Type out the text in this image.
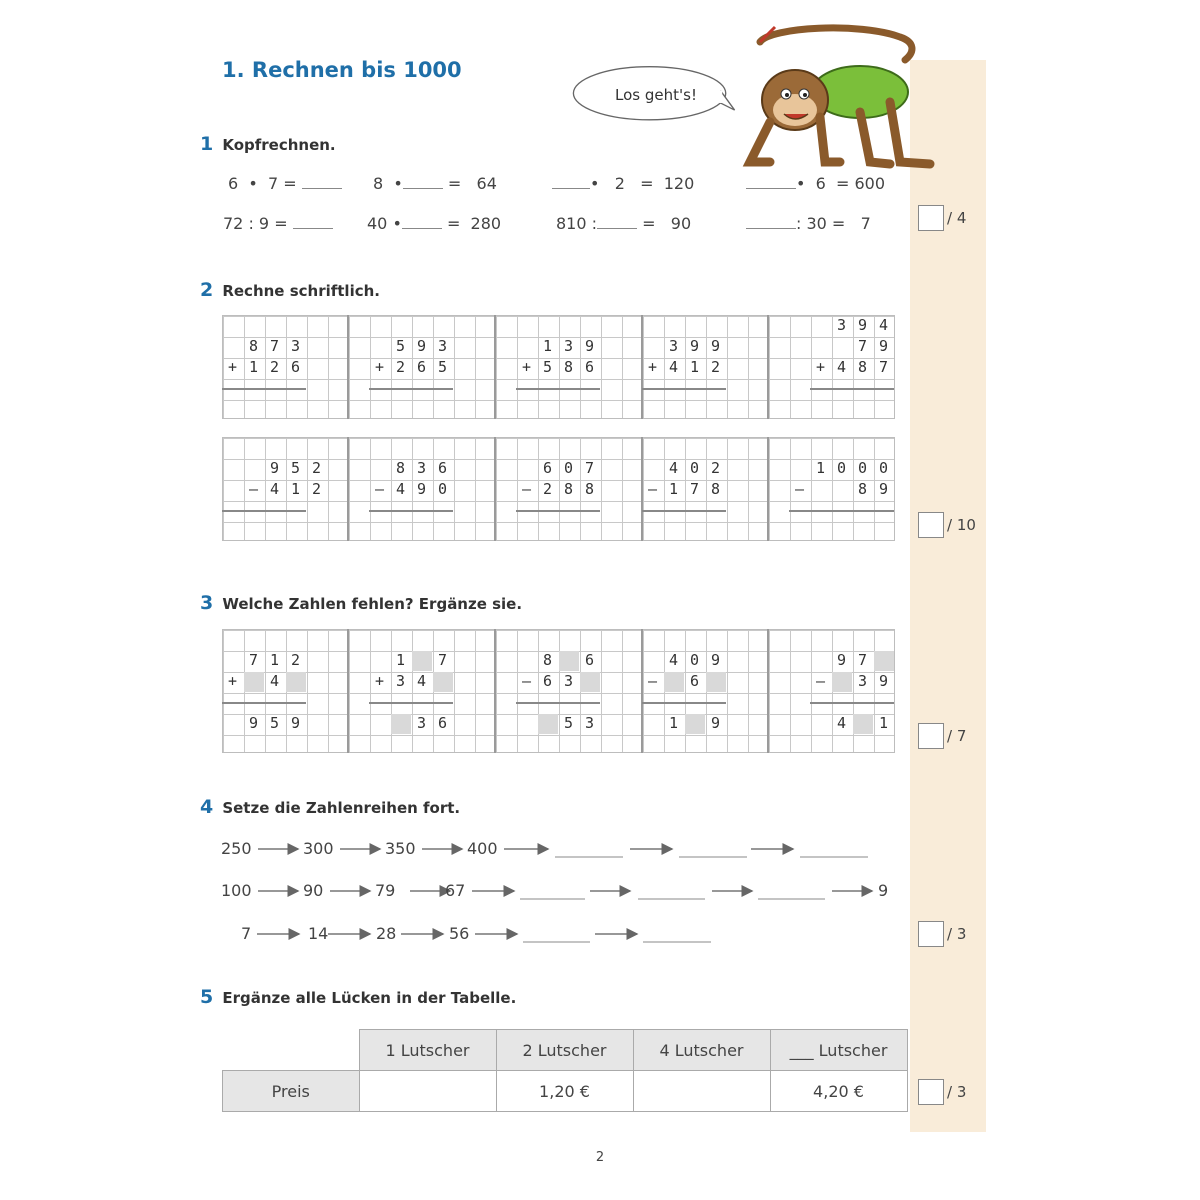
1. Rechnen bis 1000
Los geht's!
1 Kopfrechnen.
2 Rechne schriftlich.
3 Welche Zahlen fehlen? Ergänze sie.
4 Setze die Zahlenreihen fort.
5 Ergänze alle Lücken in der Tabelle.
6  •  7 =	8  •	=   64	•   2   =  120	•  6  = 600
72 : 9 =	40 •	=  280	810 :	=   90	: 30 =   7
8 7 3
+ 1 2 6
5 9 3
+ 2 6 5
1 3 9
+ 5 8 6
3 9 9
+ 4 1 2
3 9 4
7 9
+ 4 8 7
9 5 2
– 4 1 2
8 3 6
– 4 9 0
6 0 7
– 2 8 8
4 0 2
– 1 7 8
1 0 0 0
–	8 9
7 1 2
+	4
9 5 9
1	7
+ 3 4
3 6
8	6
– 6 3
5 3
4 0 9
–	6
1	9
9 7
–	3 9
4	1
250	300	350	400
100	90	79	67	9
7	14	28	56
	1 Lutscher	2 Lutscher	4 Lutscher	___ Lutscher
Preis		1,20 €		4,20 €
/ 4
/ 10
/ 7
/ 3
/ 3
2
